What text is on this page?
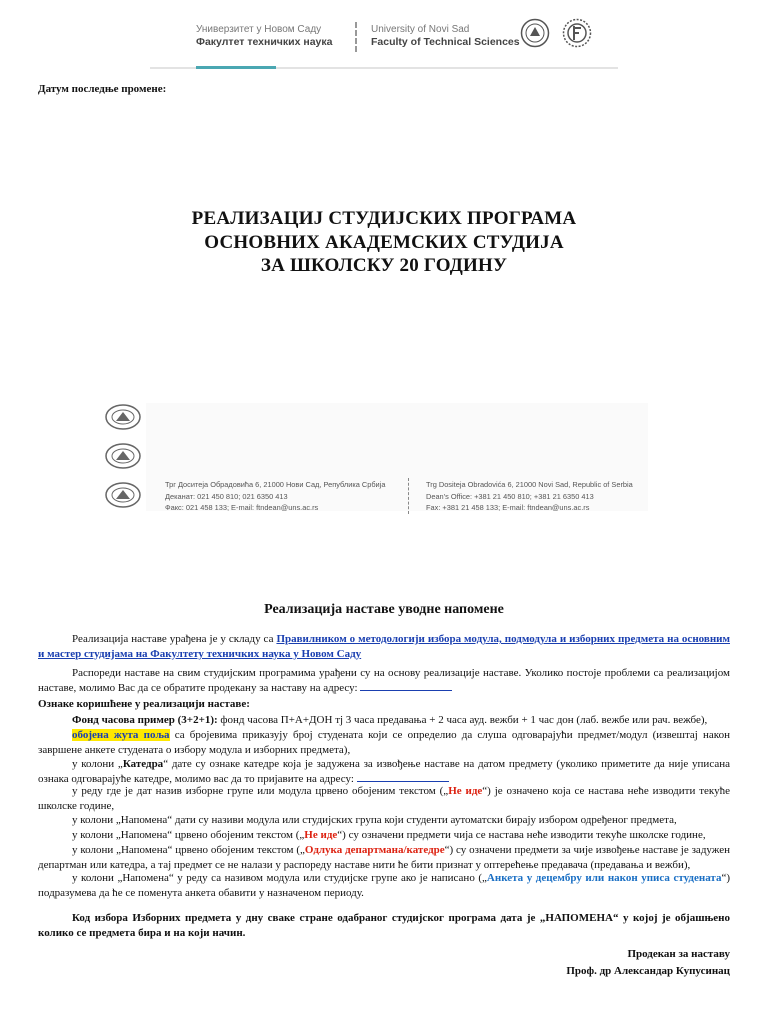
Универзитет у Новом Саду
Факултет техничких наука
University of Novi Sad
Faculty of Technical Sciences
Датум последње промене:
РЕАЛИЗАЦИЈ СТУДИЈСКИХ ПРОГРАМА
ОСНОВНИХ АКАДЕМСКИХ СТУДИЈА
ЗА ШКОЛСКУ 20 ГОДИНУ

Трг Доситеја Обрадовића 6, 21000 Нови Сад, Република Србија
Деканат: 021 450 810; 021 6350 413
Факс: 021 458 133; E-mail: ftndean@uns.ac.rs
Trg Dositeja Obradovića 6, 21000 Novi Sad, Republic of Serbia
Dean's Office: +381 21 450 810; +381 21 6350 413
Fax: +381 21 458 133; E-mail: ftndean@uns.ac.rs
Реализација наставе уводне напомене
Реализација наставе урађена је у складу са Правилником о методологији избора модула, подмодула и изборних предмета на основним и мастер студијама на Факултету техничких наука у Новом Саду
Распореди наставе на свим студијским програмима урађени су на основу реализације наставе. Уколико постоје проблеми са реализацијом наставе, молимо Вас да се обратите продекану за наставу на адресу:
Ознаке коришћене у реализацији наставе:
Фонд часова пример (3+2+1): фонд часова П+А+ДОН тј 3 часа предавања + 2 часа ауд. вежби + 1 час дон (лаб. вежбе или рач. вежбе),
обојена жута поља са бројевима приказују број студената који се определио да слуша одговарајући предмет/модул (извештај након завршене анкете студената о избору модула и изборних предмета),
у колони „Катедра“ дате су ознаке катедре која је задужена за извођење наставе на датом предмету (уколико приметите да није уписана ознака одговарајуће катедре, молимо вас да то пријавите на адресу:
у реду где је дат назив изборне групе или модула црвено обојеним текстом („Не иде“) је означено која се настава неће изводити текуће школске године,
у колони „Напомена“ дати су називи модула или студијских група који студенти аутоматски бирају избором одређеног предмета,
у колони „Напомена“ црвено обојеним текстом („Не иде“) су означени предмети чија се настава неће изводити текуће школске године,
у колони „Напомена“ црвено обојеним текстом („Одлука департмана/катедре“) су означени предмети за чије извођење наставе је задужен департман или катедра, а тај предмет се не налази у распореду наставе нити ће бити признат у оптерећење предавача (предавања и вежби),
у колони „Напомена“ у реду са називом модула или студијске групе ако је написано („Анкета у децембру или након уписа студената“) подразумева да ће се поменута анкета обавити у назначеном периоду.
Код избора Изборних предмета у дну сваке стране одабраног студијског програма дата је „НАПОМЕНА“ у којој је објашњено колико се предмета бира и на који начин.
Продекан за наставу
Проф. др Александар Купусинац
